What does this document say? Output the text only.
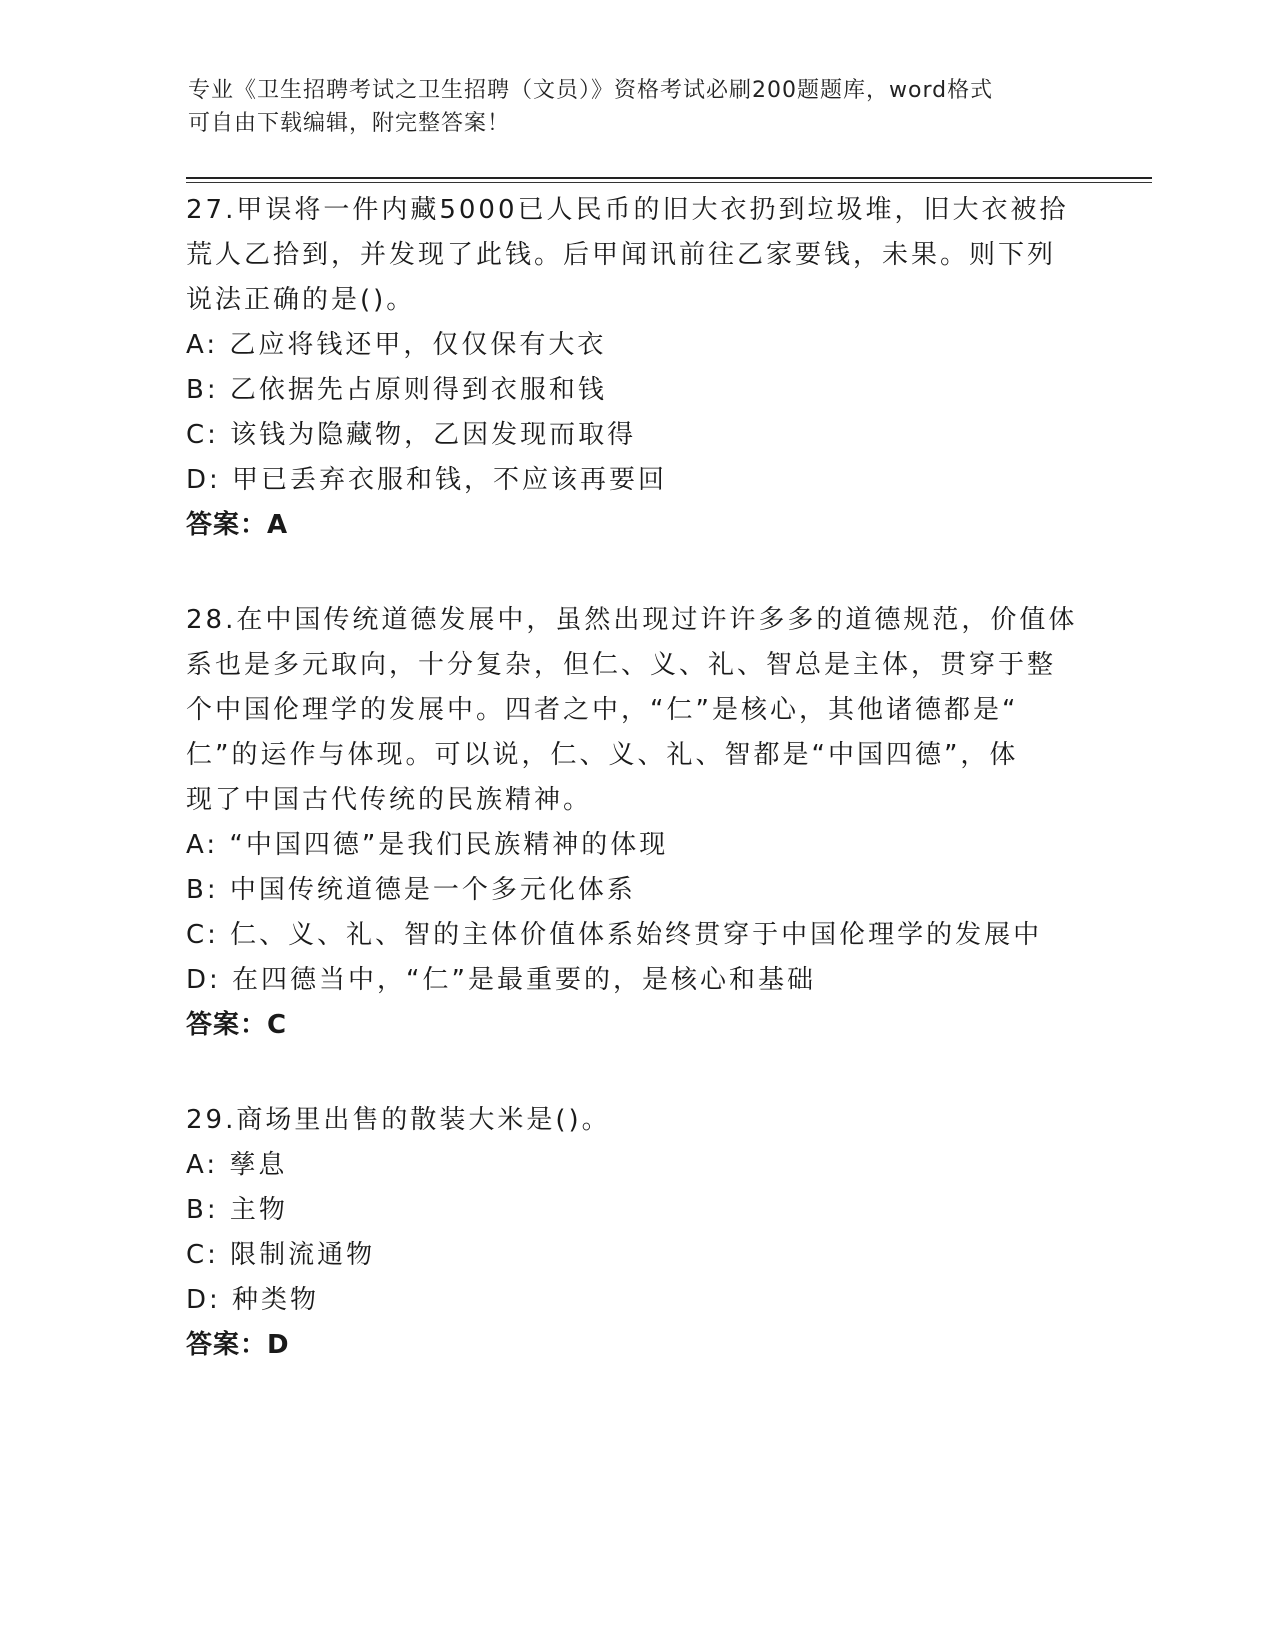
专业《卫生招聘考试之卫生招聘（文员）》资格考试必刷200题题库，word格式
可自由下载编辑，附完整答案！
27.甲误将一件内藏5000已人民币的旧大衣扔到垃圾堆，旧大衣被拾
荒人乙拾到，并发现了此钱。后甲闻讯前往乙家要钱，未果。则下列
说法正确的是()。
A: 乙应将钱还甲，仅仅保有大衣
B: 乙依据先占原则得到衣服和钱
C: 该钱为隐藏物，乙因发现而取得
D: 甲已丢弃衣服和钱，不应该再要回
答案：A
28.在中国传统道德发展中，虽然出现过许许多多的道德规范，价值体
系也是多元取向，十分复杂，但仁、义、礼、智总是主体，贯穿于整
个中国伦理学的发展中。四者之中，“仁”是核心，其他诸德都是“
仁”的运作与体现。可以说，仁、义、礼、智都是“中国四德”，体
现了中国古代传统的民族精神。
A: “中国四德”是我们民族精神的体现
B: 中国传统道德是一个多元化体系
C: 仁、义、礼、智的主体价值体系始终贯穿于中国伦理学的发展中
D: 在四德当中，“仁”是最重要的，是核心和基础
答案：C
29.商场里出售的散装大米是()。
A: 孳息
B: 主物
C: 限制流通物
D: 种类物
答案：D
